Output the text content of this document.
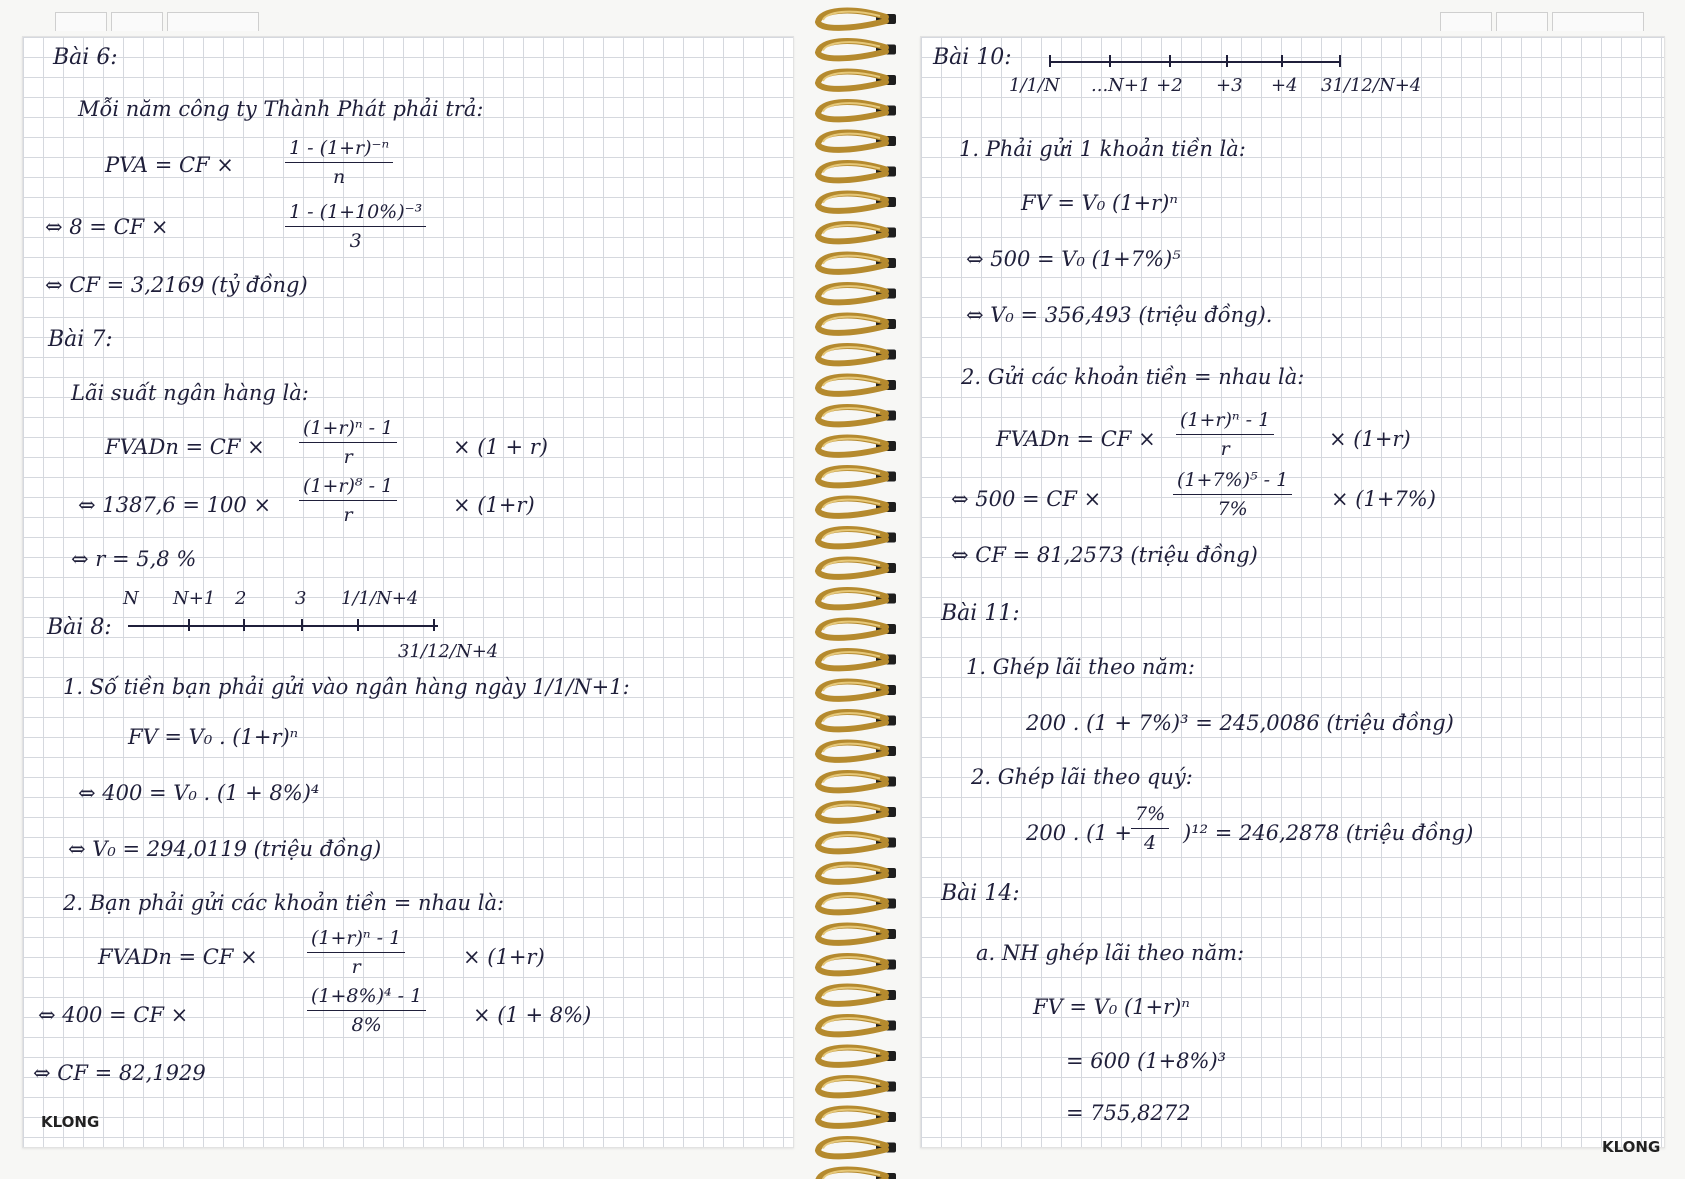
Bài 6:
Mỗi năm công ty Thành Phát phải trả:
PVA = CF ×	$\frac{\text{1 - (1+r)⁻ⁿ}}{n}$
⇔ 8 = CF ×	$\frac{\text{1 - (1+10\%)⁻³}}{3}$
⇔ CF = 3,2169 (tỷ đồng)
Bài 7:
Lãi suất ngân hàng là:
FVADn = CF × $\frac{\text{(1+r)ⁿ - 1}}{r}$	× (1 + r)
⇔ $1387,6 = 100 \times \frac{\text{(1+r)⁸ - 1}}{r}$	× (1+r)
⇔ r = 5,8 %
Bài 8:
N N+1 2	3 1/1/N+4
31/12/N+4
1. Số tiền bạn phải gửi vào ngân hàng ngày 1/1/N+1:
FV = V₀ . (1+r)ⁿ
⇔ 400 = V₀ . (1 + 8%)⁴
⇔ V₀ = 294,0119 (triệu đồng)
2. Bạn phải gửi các khoản tiền = nhau là:
FVADn = CF ×	$\frac{\text{(1+r)ⁿ - 1}}{r}$	× (1+r)
⇔ 400 = CF ×	$\frac{\text{(1+8\%)⁴ - 1}}{8\%} \times (1 + 8\%)$
⇔ CF = 82,1929
KLONG
Bài 10:
1/1/N ...N+1 +2 +3 +4 31/12/N+4
1. Phải gửi 1 khoản tiền là:
FV = V₀ (1+r)ⁿ
⇔ 500 = V₀ (1+7%)⁵
⇔ V₀ = 356,493 (triệu đồng).
2. Gửi các khoản tiền = nhau là:
FVADn = CF × $\frac{\text{(1+r)ⁿ - 1}}{r}$	× (1+r)
⇔ 500 = CF ×	$\frac{\text{(1+7\%)⁵ - 1}}{7\%} \times (1+7\%)$
⇔ CF = 81,2573 (triệu đồng)
Bài 11:
1. Ghép lãi theo năm:
200 . (1 + 7%)³ = 245,0086 (triệu đồng)
2. Ghép lãi theo quý:
200 . $(1 + \frac{7\%}{4} )^{12} = 246,2878$ (triệu đồng)
Bài 14:
a. NH ghép lãi theo năm:
FV = V₀ (1+r)ⁿ
= 600 (1+8%)³
= 755,8272
KLONG
